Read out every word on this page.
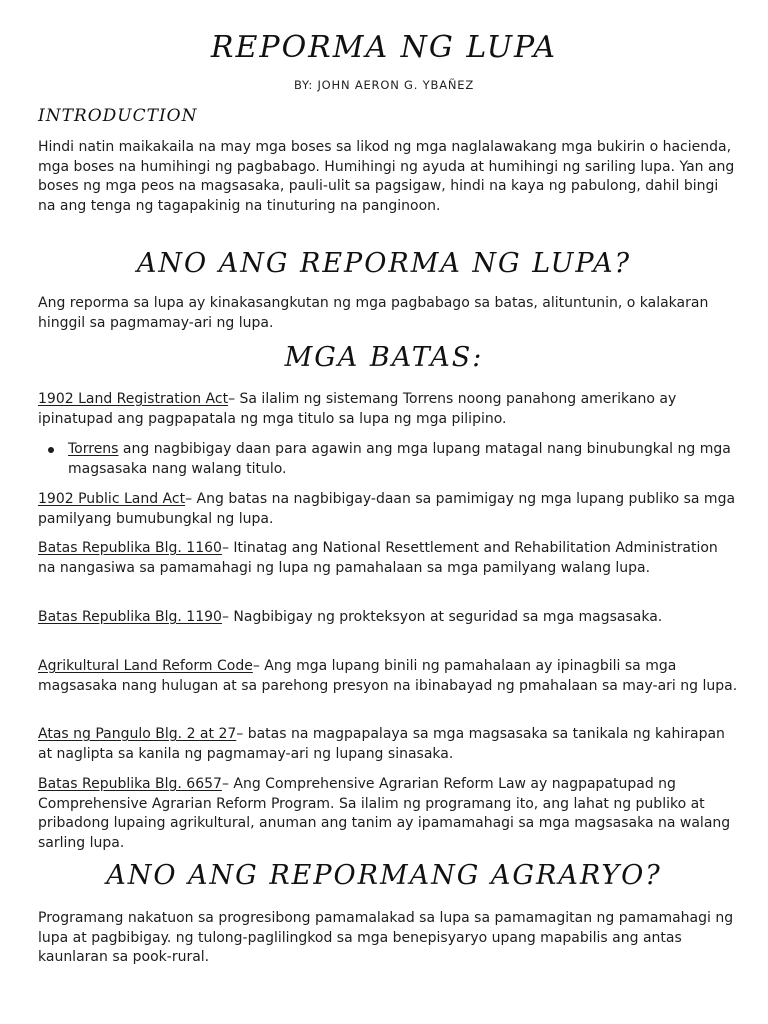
REPORMA NG LUPA
BY: JOHN AERON G. YBAÑEZ
INTRODUCTION
Hindi natin maikakaila na may mga boses sa likod ng mga naglalawakang mga bukirin o hacienda, mga boses na humihingi ng pagbabago. Humihingi ng ayuda at humihingi ng sariling lupa. Yan ang boses ng mga peos na magsasaka, pauli-ulit sa pagsigaw, hindi na kaya ng pabulong, dahil bingi na ang tenga ng tagapakinig na tinuturing na panginoon.
ANO ANG REPORMA NG LUPA?
Ang reporma sa lupa ay kinakasangkutan ng mga pagbabago sa batas, alituntunin, o kalakaran hinggil sa pagmamay-ari ng lupa.
MGA BATAS:
1902 Land Registration Act– Sa ilalim ng sistemang Torrens noong panahong amerikano ay ipinatupad ang pagpapatala ng mga titulo sa lupa ng mga pilipino.
Torrens ang nagbibigay daan para agawin ang mga lupang matagal nang binubungkal ng mga magsasaka nang walang titulo.
1902 Public Land Act– Ang batas na nagbibigay-daan sa pamimigay ng mga lupang publiko sa mga pamilyang bumubungkal ng lupa.
Batas Republika Blg. 1160– Itinatag ang National Resettlement and Rehabilitation Administration na nangasiwa sa pamamahagi ng lupa ng pamahalaan sa mga pamilyang walang lupa.
Batas Republika Blg. 1190– Nagbibigay ng prokteksyon at seguridad sa mga magsasaka.
Agrikultural Land Reform Code– Ang mga lupang binili ng pamahalaan ay ipinagbili sa mga magsasaka nang hulugan at sa parehong presyon na ibinabayad ng pmahalaan sa may-ari ng lupa.
Atas ng Pangulo Blg. 2 at 27– batas na magpapalaya sa mga magsasaka sa tanikala ng kahirapan at naglipta sa kanila ng pagmamay-ari ng lupang sinasaka.
Batas Republika Blg. 6657– Ang Comprehensive Agrarian Reform Law ay nagpapatupad ng Comprehensive Agrarian Reform Program. Sa ilalim ng programang ito, ang lahat ng publiko at pribadong lupaing agrikultural, anuman ang tanim ay ipamamahagi sa mga magsasaka na walang sarling lupa.
ANO ANG REPORMANG AGRARYO?
Programang nakatuon sa progresibong pamamalakad sa lupa sa pamamagitan ng pamamahagi ng lupa at pagbibigay. ng tulong-paglilingkod sa mga benepisyaryo upang mapabilis ang antas kaunlaran sa pook-rural.
